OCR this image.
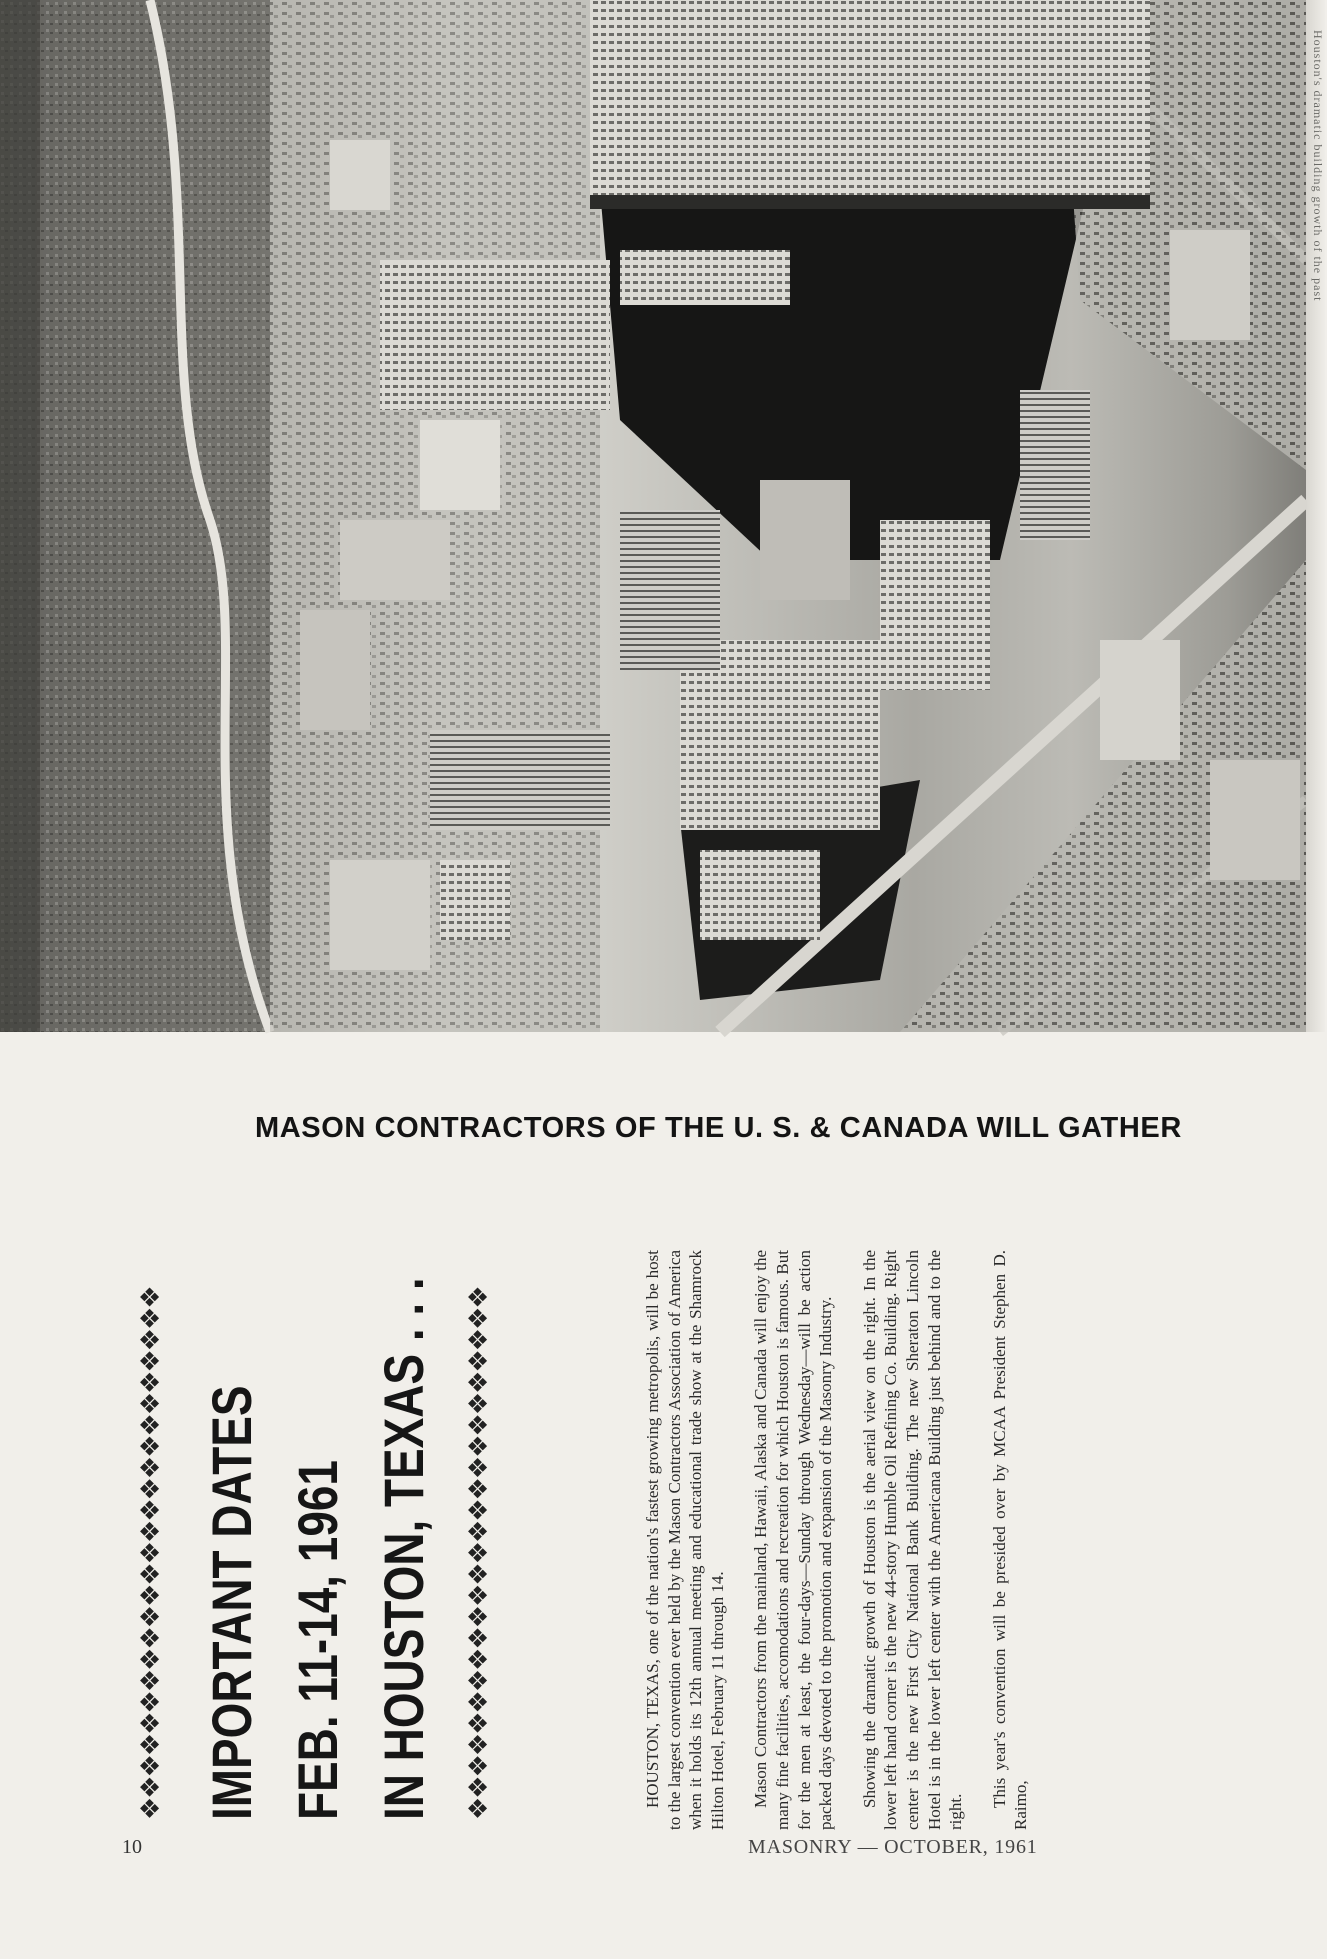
Houston's dramatic building growth of the past
MASON CONTRACTORS OF THE U. S. & CANADA WILL GATHER
❖❖❖❖❖❖❖❖❖❖❖❖❖❖❖❖❖❖❖❖❖❖❖❖❖ IMPORTANT DATES FEB. 11-14, 1961 IN HOUSTON, TEXAS . . .	❖❖❖❖❖❖❖❖❖❖❖❖❖❖❖❖❖❖❖❖❖❖❖❖❖	HOUSTON, TEXAS, one of the nation's fastest growing metropolis, will be host to the largest convention ever held by the Mason Contractors Association of America when it holds its 12th annual meeting and educational trade show at the Shamrock Hilton Hotel, February 11 through 14. Mason Contractors from the mainland, Hawaii, Alaska and Canada will enjoy the many fine facilities, accomodations and recreation for which Houston is famous. But for the men at least, the four-days—Sunday through Wednesday—will be action packed days devoted to the promotion and expansion of the Masonry Industry. Showing the dramatic growth of Houston is the aerial view on the right. In the lower left hand corner is the new 44-story Humble Oil Refining Co. Building. Right center is the new First City National Bank Building. The new Sheraton Lincoln Hotel is in the lower left center with the Americana Building just behind and to the right.

This year's convention will be presided over by MCAA President Stephen D. Raimo,

10	MASONRY — OCTOBER, 1961
